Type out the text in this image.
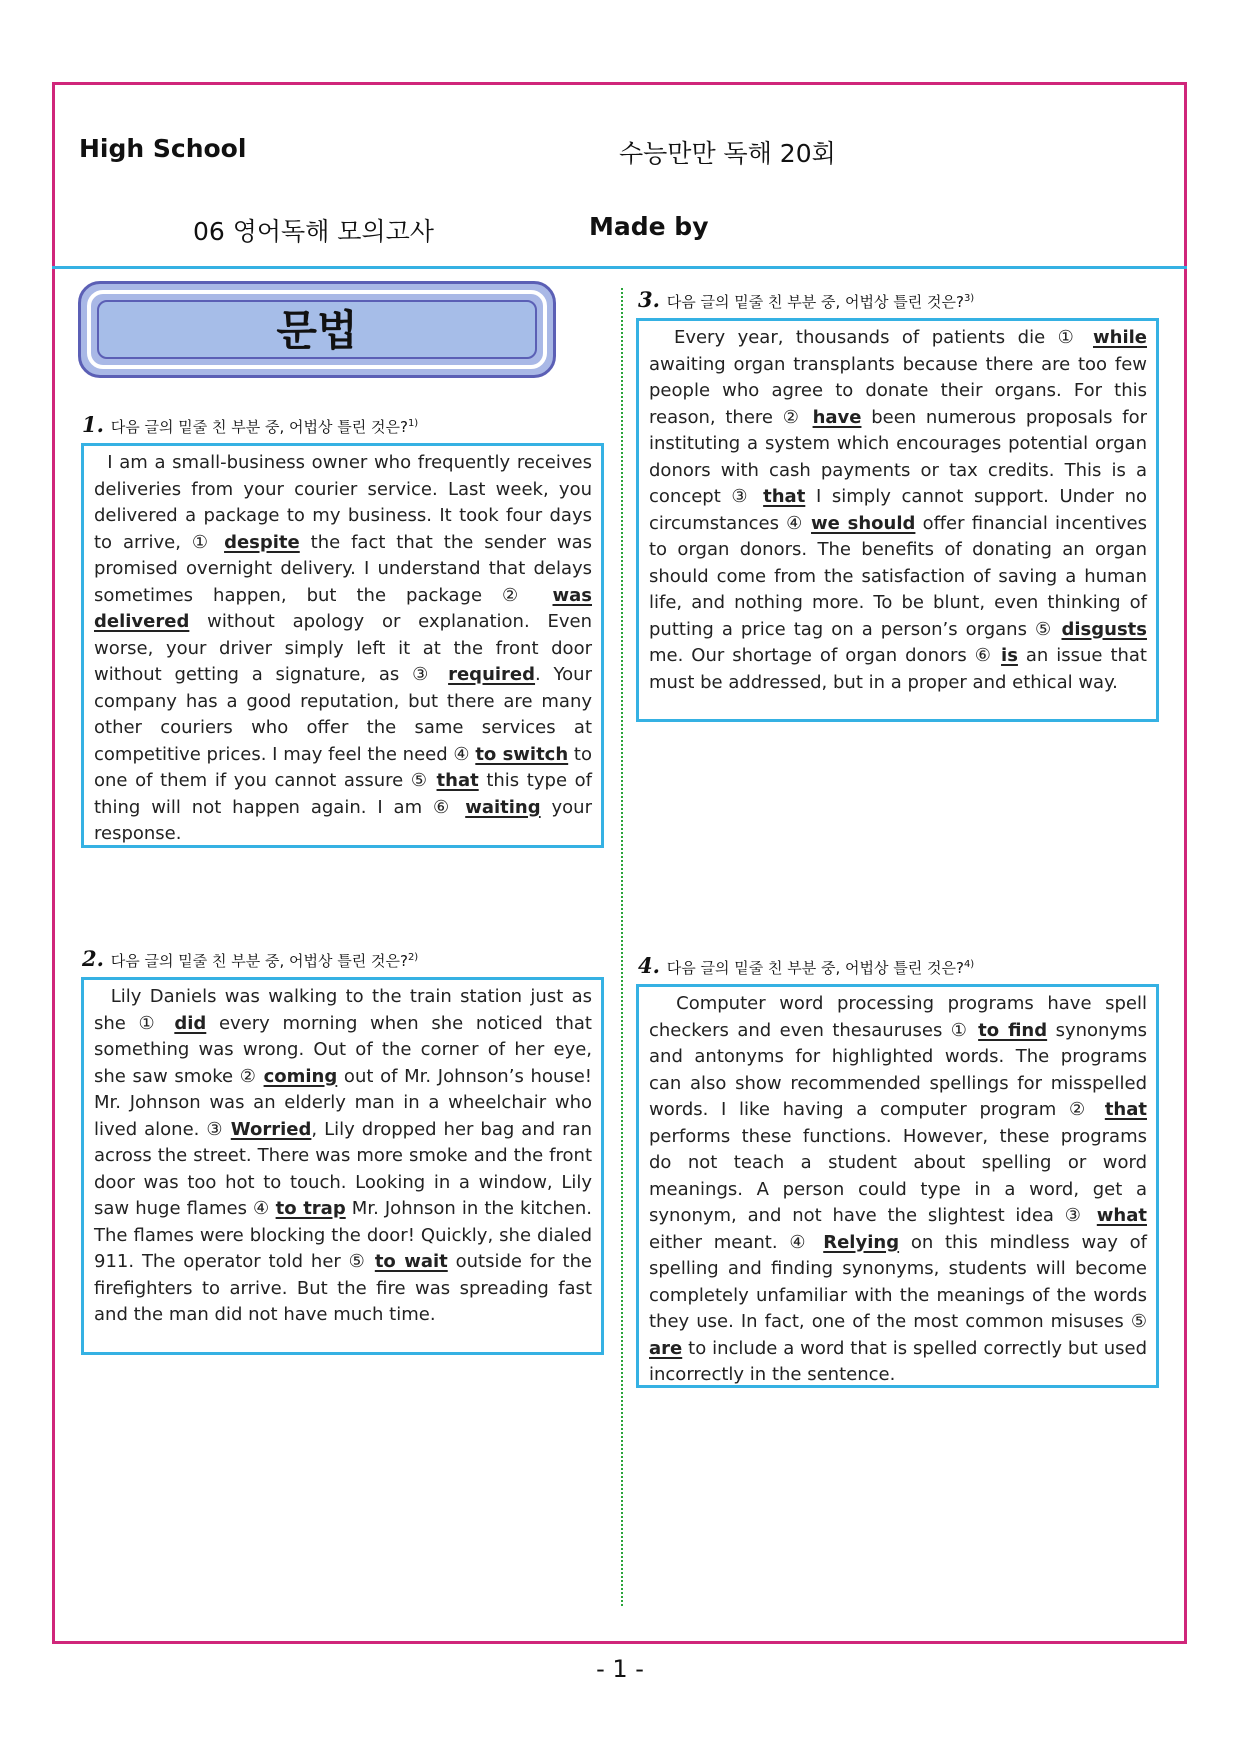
High School	수능만만 독해 20회
06 영어독해 모의고사	Made by
문법
1. 다음 글의 밑줄 친 부분 중, 어법상 틀린 것은?$^{1)}$
I am a small-business owner who frequently receives deliveries from your courier service. Last week, you delivered a package to my business. It took four days to arrive, ① despite the fact that the sender was promised overnight delivery. I understand that delays sometimes happen, but the package ② was delivered without apology or explanation. Even worse, your driver simply left it at the front door without getting a signature, as ③ required. Your company has a good reputation, but there are many other couriers who offer the same services at competitive prices. I may feel the need ④ to switch to one of them if you cannot assure ⑤ that this type of thing will not happen again. I am ⑥ waiting your response.
2. 다음 글의 밑줄 친 부분 중, 어법상 틀린 것은?$^{2)}$
Lily Daniels was walking to the train station just as she ① did every morning when she noticed that something was wrong. Out of the corner of her eye, she saw smoke ② coming out of Mr. Johnson’s house! Mr. Johnson was an elderly man in a wheelchair who lived alone. ③ Worried, Lily dropped her bag and ran across the street. There was more smoke and the front door was too hot to touch. Looking in a window, Lily saw huge flames ④ to trap Mr. Johnson in the kitchen. The flames were blocking the door! Quickly, she dialed 911. The operator told her ⑤ to wait outside for the firefighters to arrive. But the fire was spreading fast and the man did not have much time.
3. 다음 글의 밑줄 친 부분 중, 어법상 틀린 것은?$^{3)}$
Every year, thousands of patients die ① while awaiting organ transplants because there are too few people who agree to donate their organs. For this reason, there ② have been numerous proposals for instituting a system which encourages potential organ donors with cash payments or tax credits. This is a concept ③ that I simply cannot support. Under no circumstances ④ we should offer financial incentives to organ donors. The benefits of donating an organ should come from the satisfaction of saving a human life, and nothing more. To be blunt, even thinking of putting a price tag on a person’s organs ⑤ disgusts me. Our shortage of organ donors ⑥ is an issue that must be addressed, but in a proper and ethical way.
4. 다음 글의 밑줄 친 부분 중, 어법상 틀린 것은?$^{4)}$
Computer word processing programs have spell checkers and even thesauruses ① to find synonyms and antonyms for highlighted words. The programs can also show recommended spellings for misspelled words. I like having a computer program ② that performs these functions. However, these programs do not teach a student about spelling or word meanings. A person could type in a word, get a synonym, and not have the slightest idea ③ what either meant. ④ Relying on this mindless way of spelling and finding synonyms, students will become completely unfamiliar with the meanings of the words they use. In fact, one of the most common misuses ⑤ are to include a word that is spelled correctly but used incorrectly in the sentence.
- 1 -
